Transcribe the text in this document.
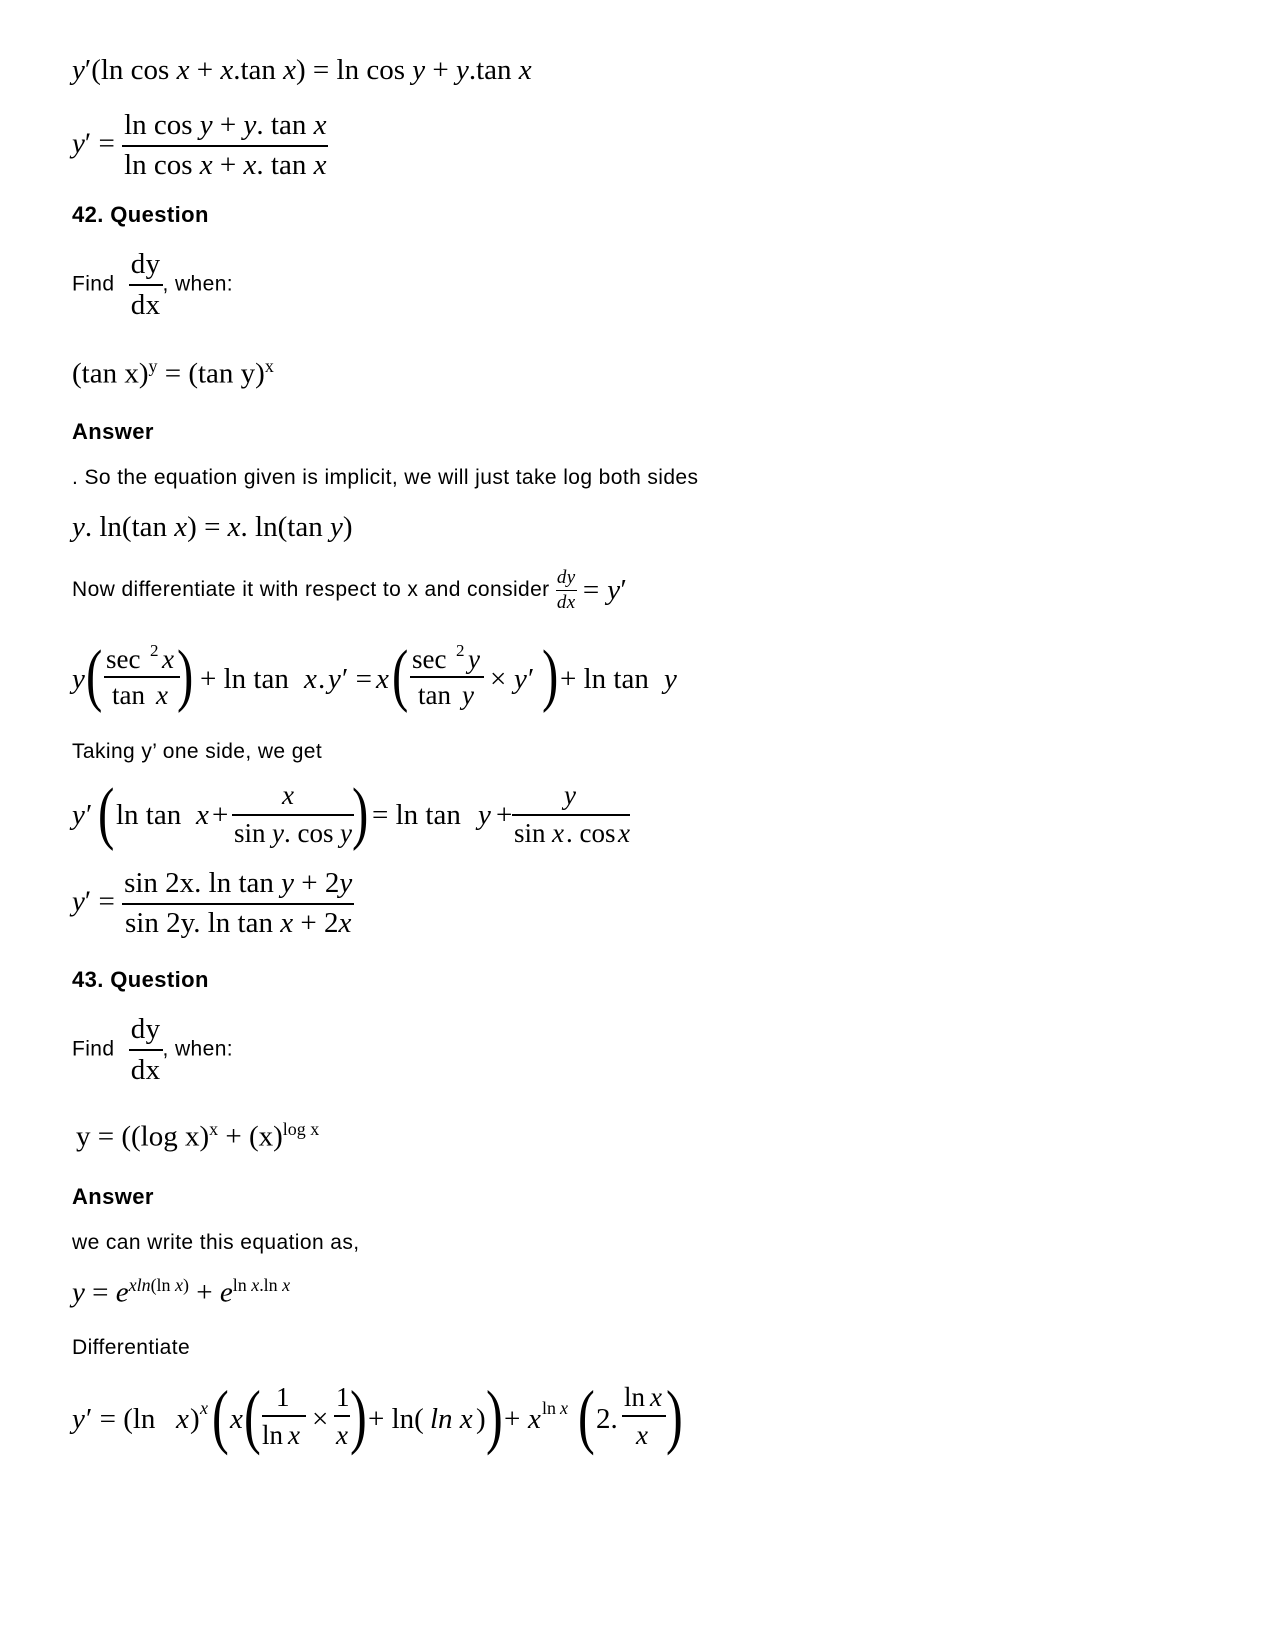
y′(ln cos x + x.tan x) = ln cos y + y.tan x
$y' = \frac{\text{ln cos y + y. tan x}}{\text{ln cos x + x. tan x}}$
42. Question
Find $\frac{dy}{dx}$ , when:
(tan x)$^y$ = (tan y)$^x$
Answer
. So the equation given is implicit, we will just take log both sides
y. ln(tan x) = x. ln(tan y)
Now differentiate it with respect to x and consider $\frac{dy}{dx} = y'$
y ( sec 2 x
tan x ) + ln tan x . y ′ = x ( sec 2 y
tan y × y ′ ) + ln tan y
Taking y’ one side, we get
y ′ ( ln tan x +
x
sin y . cos y ) = ln tan y +
y
sin x . cos x
$y' = \frac{\text{sin 2x. ln tan y + 2y}}{\text{sin 2y. ln tan x + 2x}}$
43. Question
Find $\frac{dy}{dx}$ , when:
y = ((log $x)^x + (x)^{log x}$
Answer
we can write this equation as,
$y = e^{xln(ln x)} + e^{ln x.ln x}$
Differentiate
y ′ = (ln x ) x ( x ( 1
ln x ×
1
x ) + ln( ln x ) ) + x ln x ( 2.
ln x
x )
